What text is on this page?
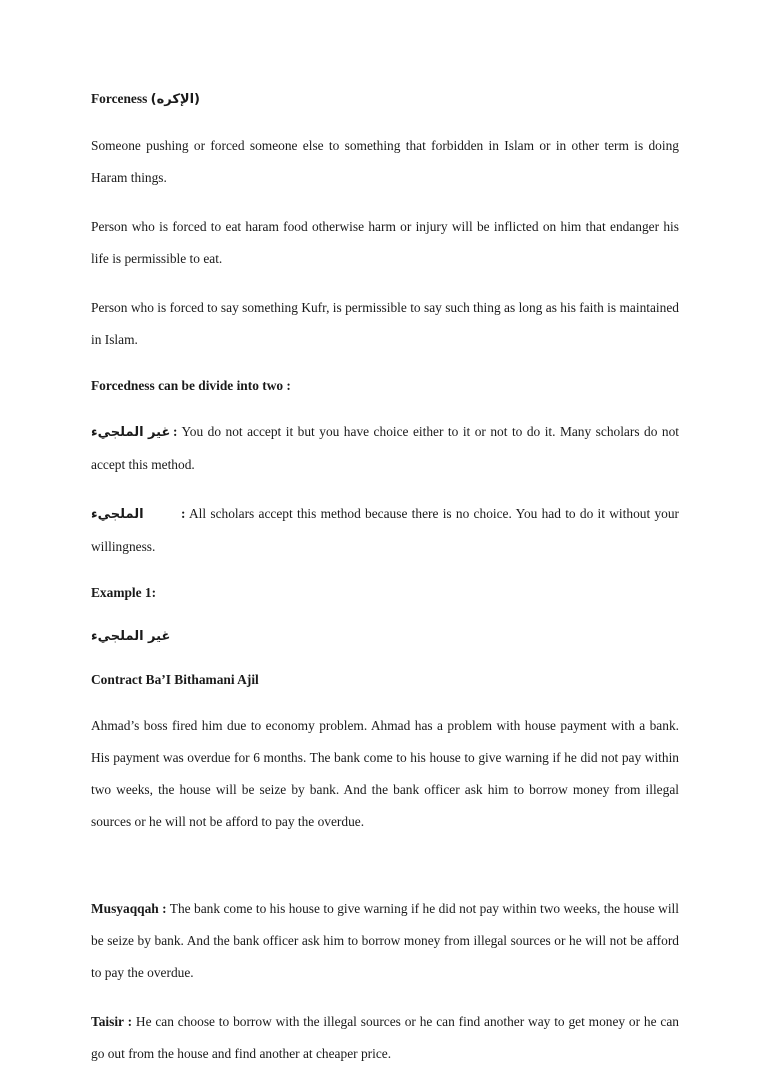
Forceness (الإكره)

Someone pushing or forced someone else to something that forbidden in Islam or in other term is doing Haram things.

Person who is forced to eat haram food otherwise harm or injury will be inflicted on him that endanger his life is permissible to eat.

Person who is forced to say something Kufr, is permissible to say such thing as long as his faith is maintained in Islam.

Forcedness can be divide into two :

غير الملجيء : You do not accept it but you have choice either to it or not to do it. Many scholars do not accept this method.

الملجيء	: All scholars accept this method because there is no choice. You had to do it without your willingness.

Example 1:

غير الملجيء

Contract Ba’I Bithamani Ajil

Ahmad’s boss fired him due to economy problem. Ahmad has a problem with house payment with a bank. His payment was overdue for 6 months. The bank come to his house to give warning if he did not pay within two weeks, the house will be seize by bank. And the bank officer ask him to borrow money from illegal sources or he will not be afford to pay the overdue.

Musyaqqah : The bank come to his house to give warning if he did not pay within two weeks, the house will be seize by bank. And the bank officer ask him to borrow money from illegal sources or he will not be afford to pay the overdue.

Taisir : He can choose to borrow with the illegal sources or he can find another way to get money or he can go out from the house and find another at cheaper price.
